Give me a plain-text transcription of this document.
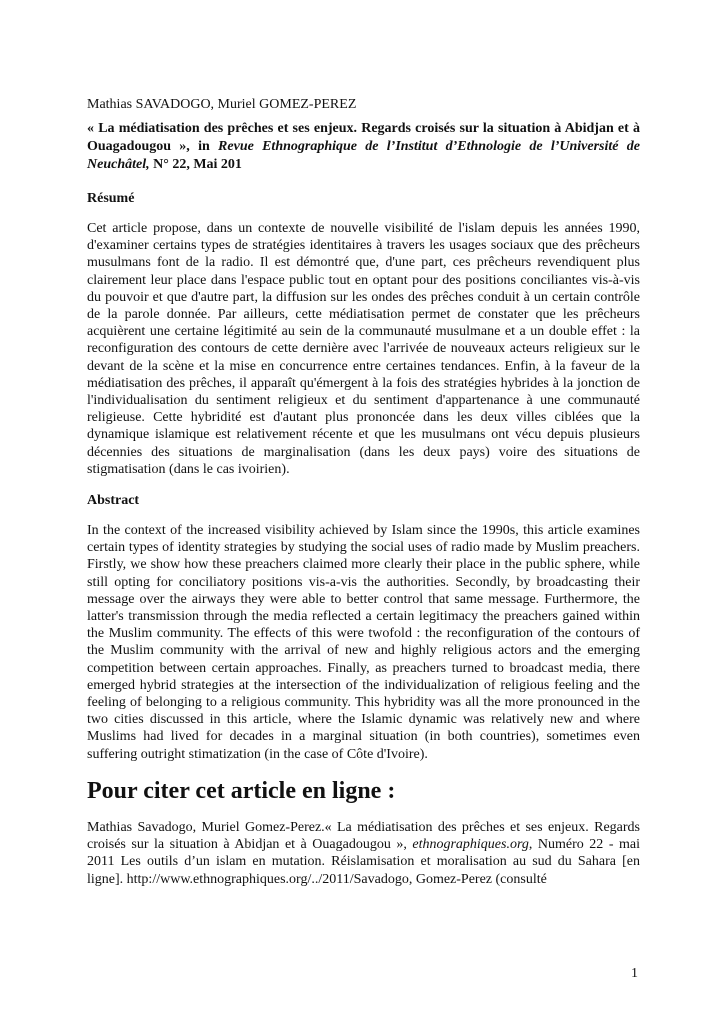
Mathias SAVADOGO, Muriel GOMEZ-PEREZ

« La médiatisation des prêches et ses enjeux. Regards croisés sur la situation à Abidjan et à Ouagadougou », in Revue Ethnographique de l’Institut d’Ethnologie de l’Université de Neuchâtel, N° 22, Mai 201

Résumé

Cet article propose, dans un contexte de nouvelle visibilité de l'islam depuis les années 1990, d'examiner certains types de stratégies identitaires à travers les usages sociaux que des prêcheurs musulmans font de la radio. Il est démontré que, d'une part, ces prêcheurs revendiquent plus clairement leur place dans l'espace public tout en optant pour des positions conciliantes vis-à-vis du pouvoir et que d'autre part, la diffusion sur les ondes des prêches conduit à un certain contrôle de la parole donnée. Par ailleurs, cette médiatisation permet de constater que les prêcheurs acquièrent une certaine légitimité au sein de la communauté musulmane et a un double effet : la reconfiguration des contours de cette dernière avec l'arrivée de nouveaux acteurs religieux sur le devant de la scène et la mise en concurrence entre certaines tendances. Enfin, à la faveur de la médiatisation des prêches, il apparaît qu'émergent à la fois des stratégies hybrides à la jonction de l'individualisation du sentiment religieux et du sentiment d'appartenance à une communauté religieuse. Cette hybridité est d'autant plus prononcée dans les deux villes ciblées que la dynamique islamique est relativement récente et que les musulmans ont vécu depuis plusieurs décennies des situations de marginalisation (dans les deux pays) voire des situations de stigmatisation (dans le cas ivoirien).

Abstract

In the context of the increased visibility achieved by Islam since the 1990s, this article examines certain types of identity strategies by studying the social uses of radio made by Muslim preachers. Firstly, we show how these preachers claimed more clearly their place in the public sphere, while still opting for conciliatory positions vis-a-vis the authorities. Secondly, by broadcasting their message over the airways they were able to better control that same message. Furthermore, the latter's transmission through the media reflected a certain legitimacy the preachers gained within the Muslim community. The effects of this were twofold : the reconfiguration of the contours of the Muslim community with the arrival of new and highly religious actors and the emerging competition between certain approaches. Finally, as preachers turned to broadcast media, there emerged hybrid strategies at the intersection of the individualization of religious feeling and the feeling of belonging to a religious community. This hybridity was all the more pronounced in the two cities discussed in this article, where the Islamic dynamic was relatively new and where Muslims had lived for decades in a marginal situation (in both countries), sometimes even suffering outright stimatization (in the case of Côte d'Ivoire).

Pour citer cet article en ligne :

Mathias Savadogo, Muriel Gomez-Perez.« La médiatisation des prêches et ses enjeux. Regards croisés sur la situation à Abidjan et à Ouagadougou », ethnographiques.org, Numéro 22 - mai 2011 Les outils d’un islam en mutation. Réislamisation et moralisation au sud du Sahara [en ligne]. http://www.ethnographiques.org/../2011/Savadogo, Gomez-Perez (consulté

1
